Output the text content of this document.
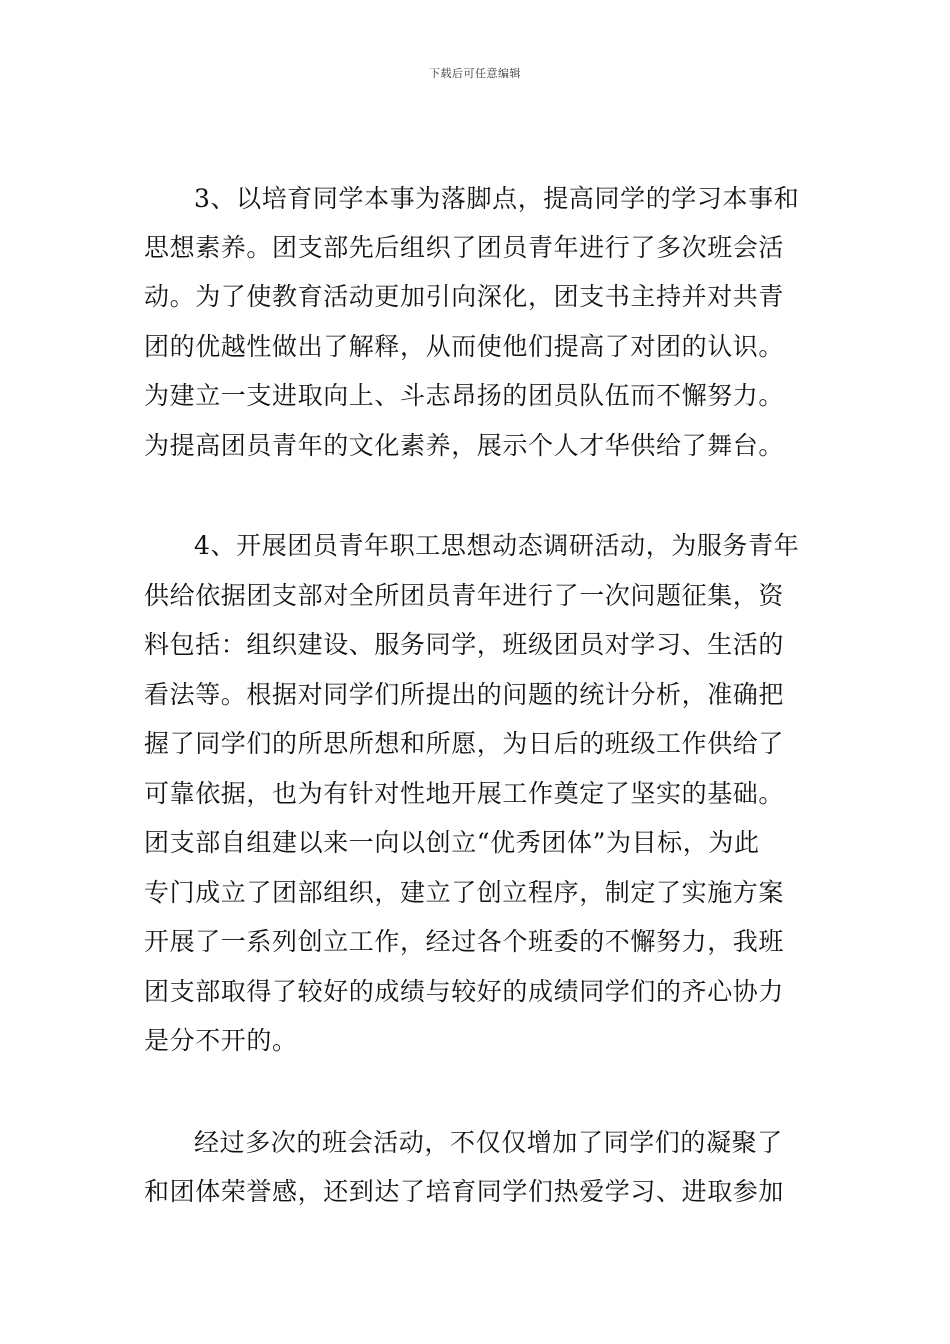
下载后可任意编辑
3、以培育同学本事为落脚点，提高同学的学习本事和
思想素养。团支部先后组织了团员青年进行了多次班会活
动。为了使教育活动更加引向深化，团支书主持并对共青
团的优越性做出了解释，从而使他们提高了对团的认识。
为建立一支进取向上、斗志昂扬的团员队伍而不懈努力。
为提高团员青年的文化素养，展示个人才华供给了舞台。
4、开展团员青年职工思想动态调研活动，为服务青年
供给依据团支部对全所团员青年进行了一次问题征集，资
料包括：组织建设、服务同学，班级团员对学习、生活的
看法等。根据对同学们所提出的问题的统计分析，准确把
握了同学们的所思所想和所愿，为日后的班级工作供给了
可靠依据，也为有针对性地开展工作奠定了坚实的基础。
团支部自组建以来一向以创立“优秀团体”为目标，为此
专门成立了团部组织，建立了创立程序，制定了实施方案
开展了一系列创立工作，经过各个班委的不懈努力，我班
团支部取得了较好的成绩与较好的成绩同学们的齐心协力
是分不开的。
经过多次的班会活动，不仅仅增加了同学们的凝聚了
和团体荣誉感，还到达了培育同学们热爱学习、进取参加
